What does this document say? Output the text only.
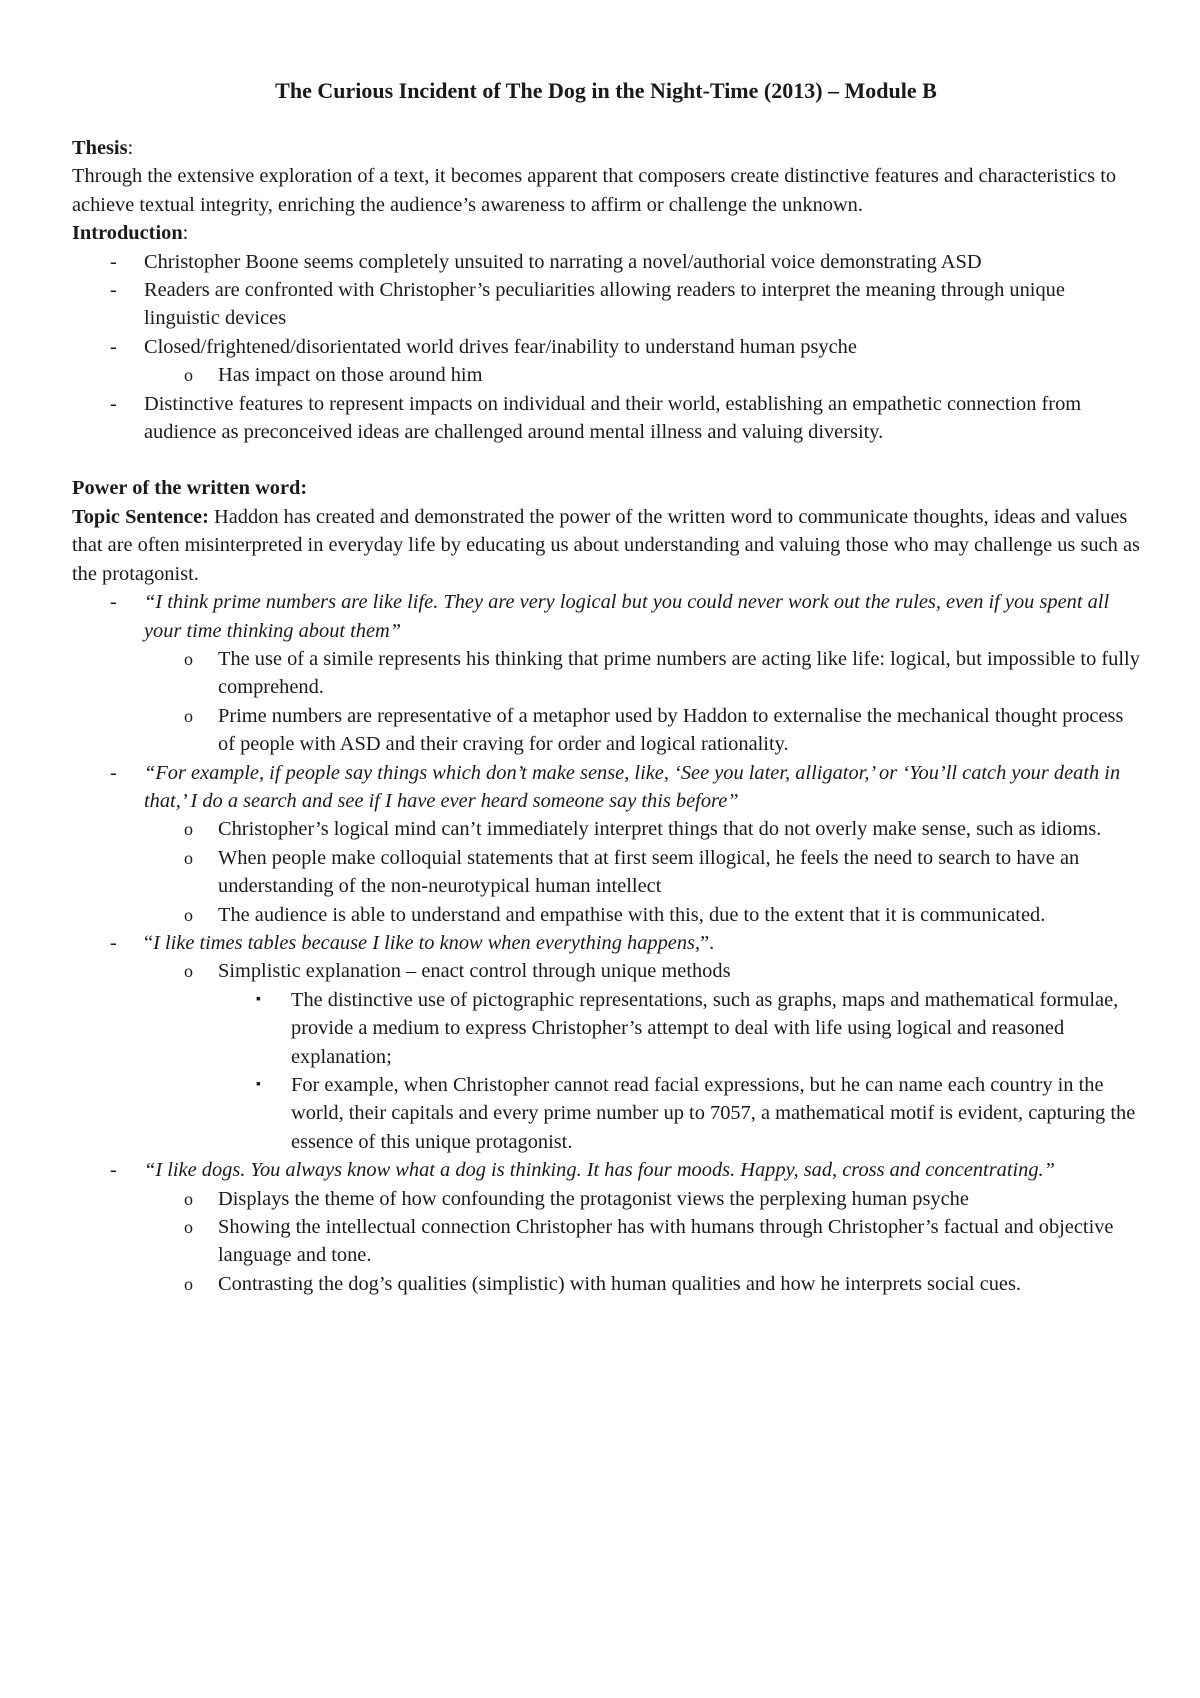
The Curious Incident of The Dog in the Night-Time (2013) – Module B

Thesis:

Through the extensive exploration of a text, it becomes apparent that composers create distinctive features and characteristics to achieve textual integrity, enriching the audience’s awareness to affirm or challenge the unknown.

Introduction:

- Christopher Boone seems completely unsuited to narrating a novel/authorial voice demonstrating ASD
- Readers are confronted with Christopher’s peculiarities allowing readers to interpret the meaning through unique linguistic devices
- Closed/frightened/disorientated world drives fear/inability to understand human psyche
o Has impact on those around him
- Distinctive features to represent impacts on individual and their world, establishing an empathetic connection from audience as preconceived ideas are challenged around mental illness and valuing diversity.

Power of the written word:

Topic Sentence: Haddon has created and demonstrated the power of the written word to communicate thoughts, ideas and values that are often misinterpreted in everyday life by educating us about understanding and valuing those who may challenge us such as the protagonist.

- “I think prime numbers are like life. They are very logical but you could never work out the rules, even if you spent all your time thinking about them”
o The use of a simile represents his thinking that prime numbers are acting like life: logical, but impossible to fully comprehend.
o Prime numbers are representative of a metaphor used by Haddon to externalise the mechanical thought process of people with ASD and their craving for order and logical rationality.
- “For example, if people say things which don’t make sense, like, ‘See you later, alligator,’ or ‘You’ll catch your death in that,’ I do a search and see if I have ever heard someone say this before”
o Christopher’s logical mind can’t immediately interpret things that do not overly make sense, such as idioms.
o When people make colloquial statements that at first seem illogical, he feels the need to search to have an understanding of the non-neurotypical human intellect
o The audience is able to understand and empathise with this, due to the extent that it is communicated.
- “I like times tables because I like to know when everything happens,”.
o Simplistic explanation – enact control through unique methods
▪ The distinctive use of pictographic representations, such as graphs, maps and mathematical formulae, provide a medium to express Christopher’s attempt to deal with life using logical and reasoned explanation;
▪ For example, when Christopher cannot read facial expressions, but he can name each country in the world, their capitals and every prime number up to 7057, a mathematical motif is evident, capturing the essence of this unique protagonist.
- “I like dogs. You always know what a dog is thinking. It has four moods. Happy, sad, cross and concentrating.”
o Displays the theme of how confounding the protagonist views the perplexing human psyche
o Showing the intellectual connection Christopher has with humans through Christopher’s factual and objective language and tone.
o Contrasting the dog’s qualities (simplistic) with human qualities and how he interprets social cues.
